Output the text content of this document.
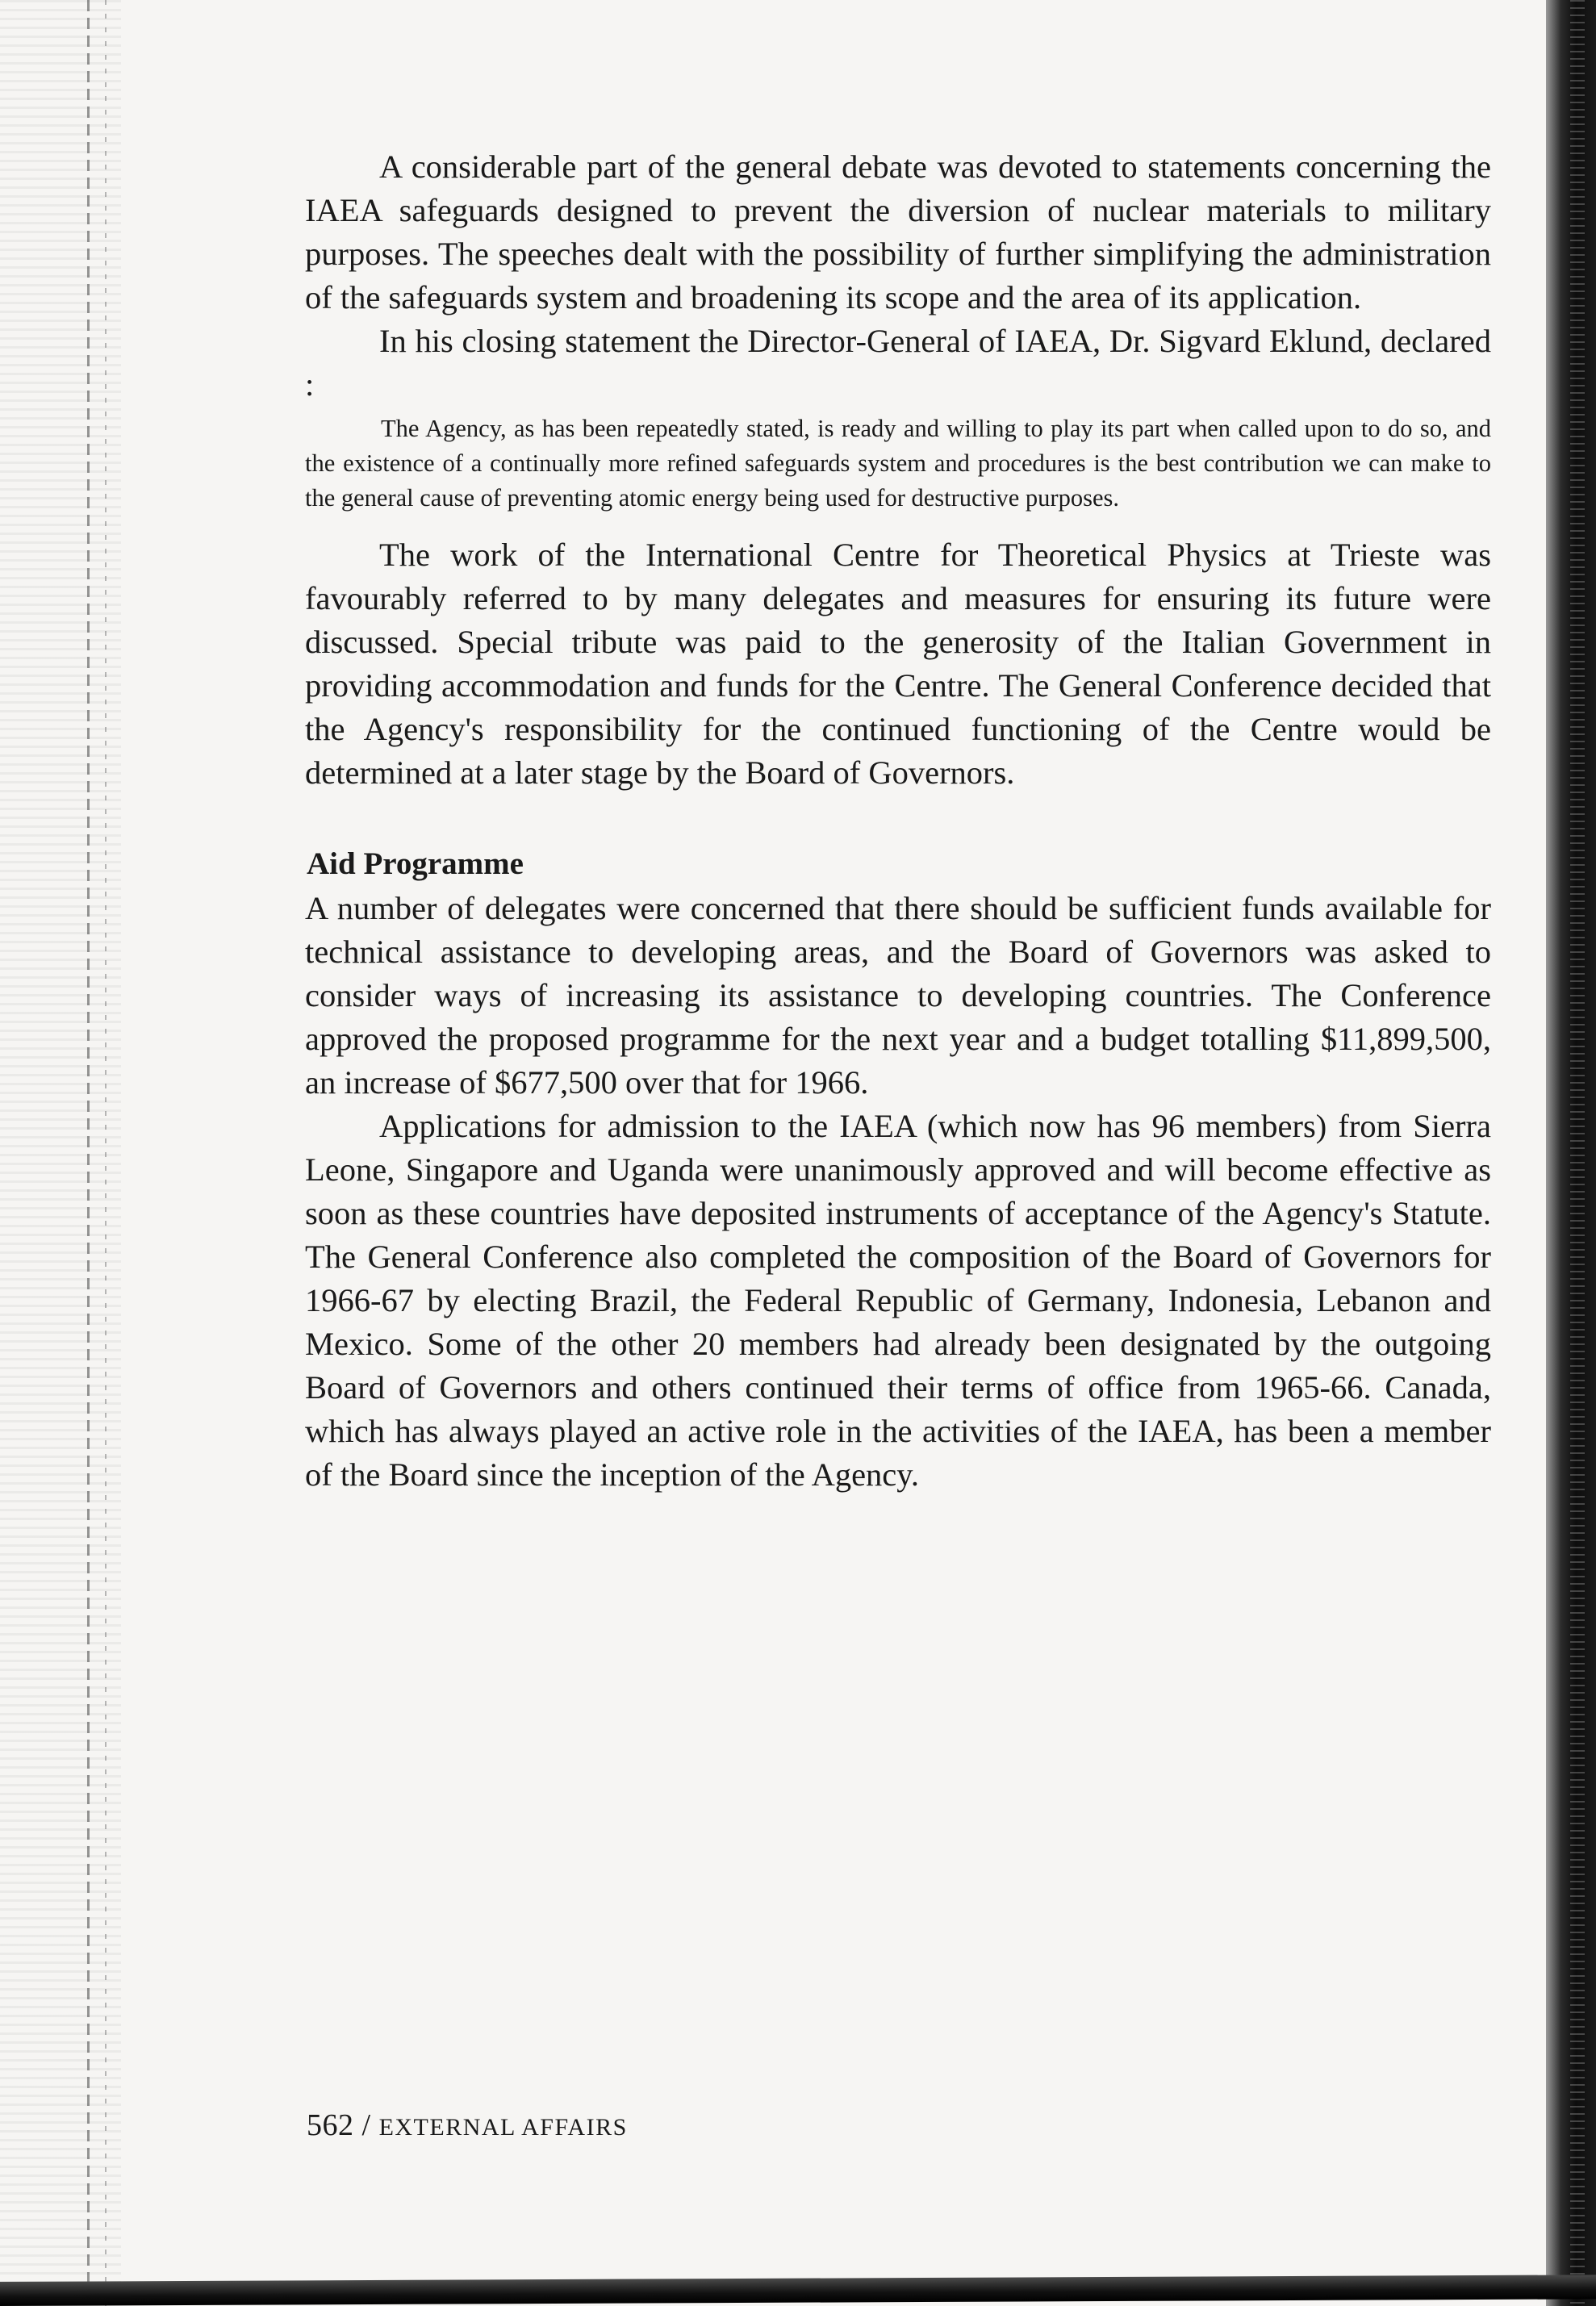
A considerable part of the general debate was devoted to statements concerning the IAEA safeguards designed to prevent the diversion of nuclear materials to military purposes. The speeches dealt with the possibility of further simplifying the administration of the safeguards system and broadening its scope and the area of its application.

In his closing statement the Director-General of IAEA, Dr. Sigvard Eklund, declared :

The Agency, as has been repeatedly stated, is ready and willing to play its part when called upon to do so, and the existence of a continually more refined safeguards system and procedures is the best contribution we can make to the general cause of preventing atomic energy being used for destructive purposes.

The work of the International Centre for Theoretical Physics at Trieste was favourably referred to by many delegates and measures for ensuring its future were discussed. Special tribute was paid to the generosity of the Italian Government in providing accommodation and funds for the Centre. The General Conference decided that the Agency's responsibility for the continued functioning of the Centre would be determined at a later stage by the Board of Governors.

Aid Programme

A number of delegates were concerned that there should be sufficient funds available for technical assistance to developing areas, and the Board of Governors was asked to consider ways of increasing its assistance to developing countries. The Conference approved the proposed programme for the next year and a budget totalling $11,899,500, an increase of $677,500 over that for 1966.

Applications for admission to the IAEA (which now has 96 members) from Sierra Leone, Singapore and Uganda were unanimously approved and will become effective as soon as these countries have deposited instruments of acceptance of the Agency's Statute. The General Conference also completed the composition of the Board of Governors for 1966-67 by electing Brazil, the Federal Republic of Germany, Indonesia, Lebanon and Mexico. Some of the other 20 members had already been designated by the outgoing Board of Governors and others continued their terms of office from 1965-66. Canada, which has always played an active role in the activities of the IAEA, has been a member of the Board since the inception of the Agency.

562 / EXTERNAL AFFAIRS
